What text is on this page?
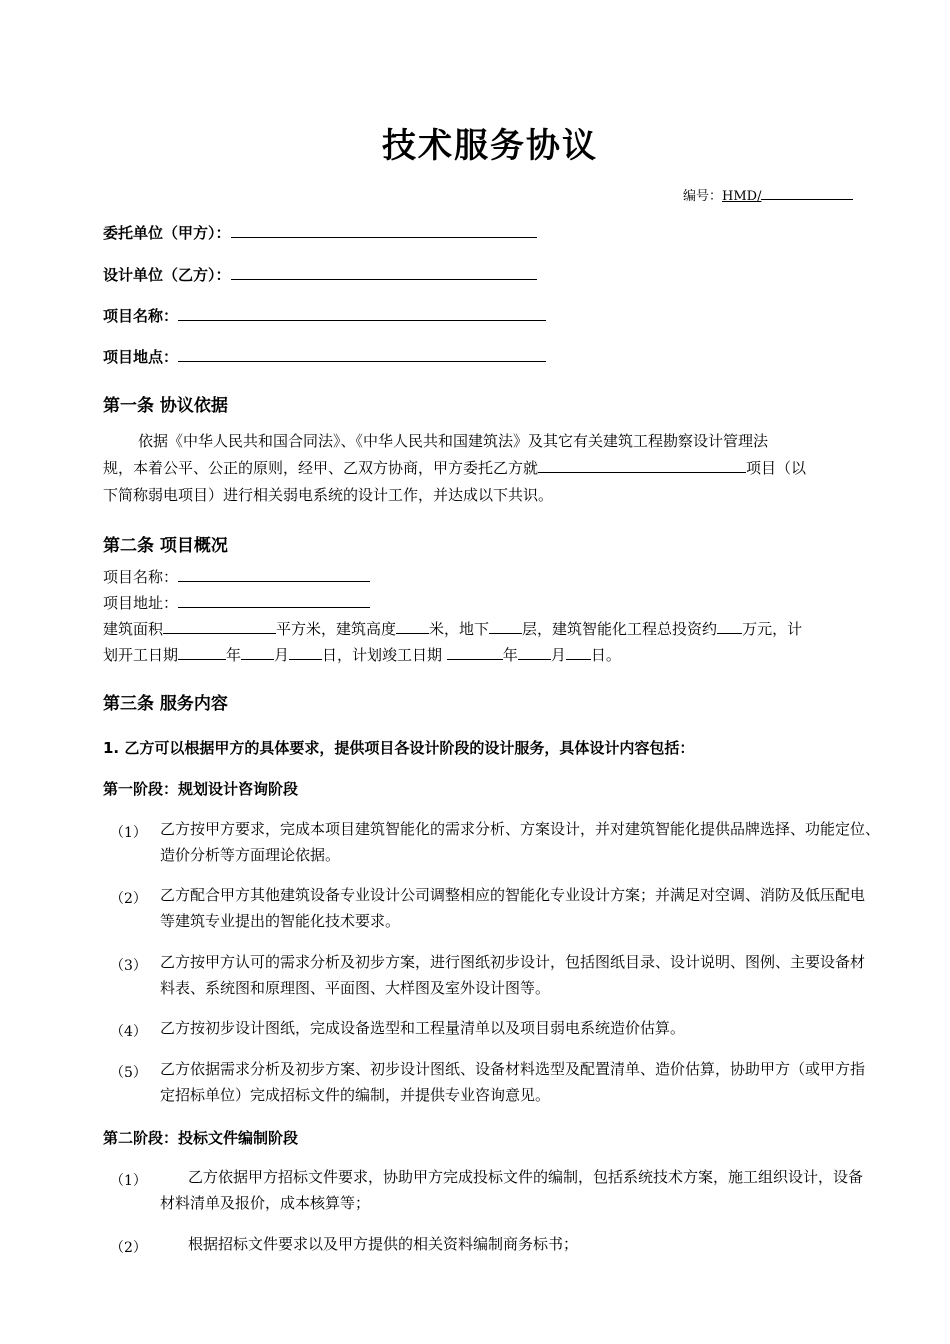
技术服务协议
编号：HMD/
委托单位（甲方）：
设计单位（乙方）：
项目名称：
项目地点：
第一条 协议依据
依据《中华人民共和国合同法》、《中华人民共和国建筑法》及其它有关建筑工程勘察设计管理法
规，本着公平、公正的原则，经甲、乙双方协商，甲方委托乙方就	项目（以
下简称弱电项目）进行相关弱电系统的设计工作，并达成以下共识。
第二条 项目概况
项目名称：
项目地址：
建筑面积	平方米，建筑高度 米，地下 层，建筑智能化工程总投资约 万元，计
划开工日期	年 月 日，计划竣工日期	年 月 日。
第三条 服务内容
1. 乙方可以根据甲方的具体要求，提供项目各设计阶段的设计服务，具体设计内容包括：
第一阶段：规划设计咨询阶段
（1） 乙方按甲方要求，完成本项目建筑智能化的需求分析、方案设计，并对建筑智能化提供品牌选择、功能定位、造价分析等方面理论依据。
（2） 乙方配合甲方其他建筑设备专业设计公司调整相应的智能化专业设计方案；并满足对空调、消防及低压配电等建筑专业提出的智能化技术要求。
（3） 乙方按甲方认可的需求分析及初步方案，进行图纸初步设计，包括图纸目录、设计说明、图例、主要设备材料表、系统图和原理图、平面图、大样图及室外设计图等。
（4） 乙方按初步设计图纸，完成设备选型和工程量清单以及项目弱电系统造价估算。
（5） 乙方依据需求分析及初步方案、初步设计图纸、设备材料选型及配置清单、造价估算，协助甲方（或甲方指定招标单位）完成招标文件的编制，并提供专业咨询意见。
第二阶段：投标文件编制阶段
（1）	乙方依据甲方招标文件要求，协助甲方完成投标文件的编制，包括系统技术方案，施工组织设计，设备材料清单及报价，成本核算等；
（2）	根据招标文件要求以及甲方提供的相关资料编制商务标书；
